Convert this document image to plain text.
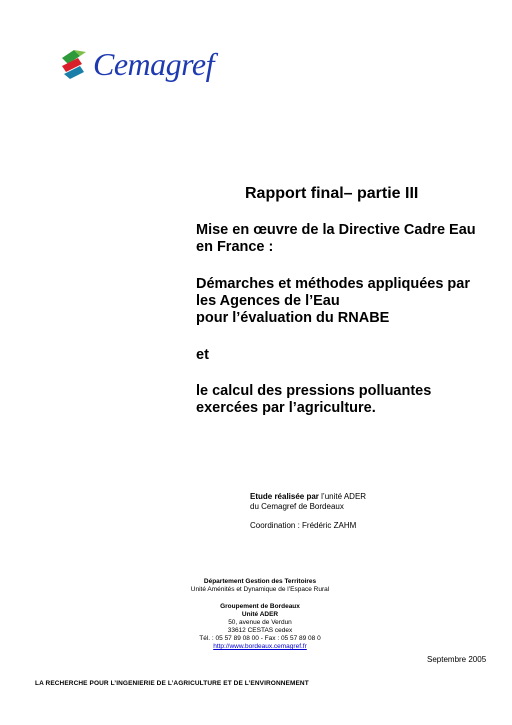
Cemagref
Rapport final– partie III
Mise en œuvre de la Directive Cadre Eau
en France :
Démarches et méthodes appliquées par
les Agences de l’Eau
pour l’évaluation du RNABE
et
le calcul des pressions polluantes
exercées par l’agriculture.
Etude réalisée par l’unité ADER
du Cemagref de Bordeaux
Coordination : Frédéric ZAHM
Département Gestion des Territoires
Unité Aménités et Dynamique de l’Espace Rural
Groupement de Bordeaux
Unité ADER
50, avenue de Verdun
33612 CESTAS cedex
Tél. : 05 57 89 08 00 - Fax : 05 57 89 08 0
http://www.bordeaux.cemagref.fr
Septembre 2005
LA RECHERCHE POUR L’INGENIERIE DE L’AGRICULTURE ET DE L’ENVIRONNEMENT
